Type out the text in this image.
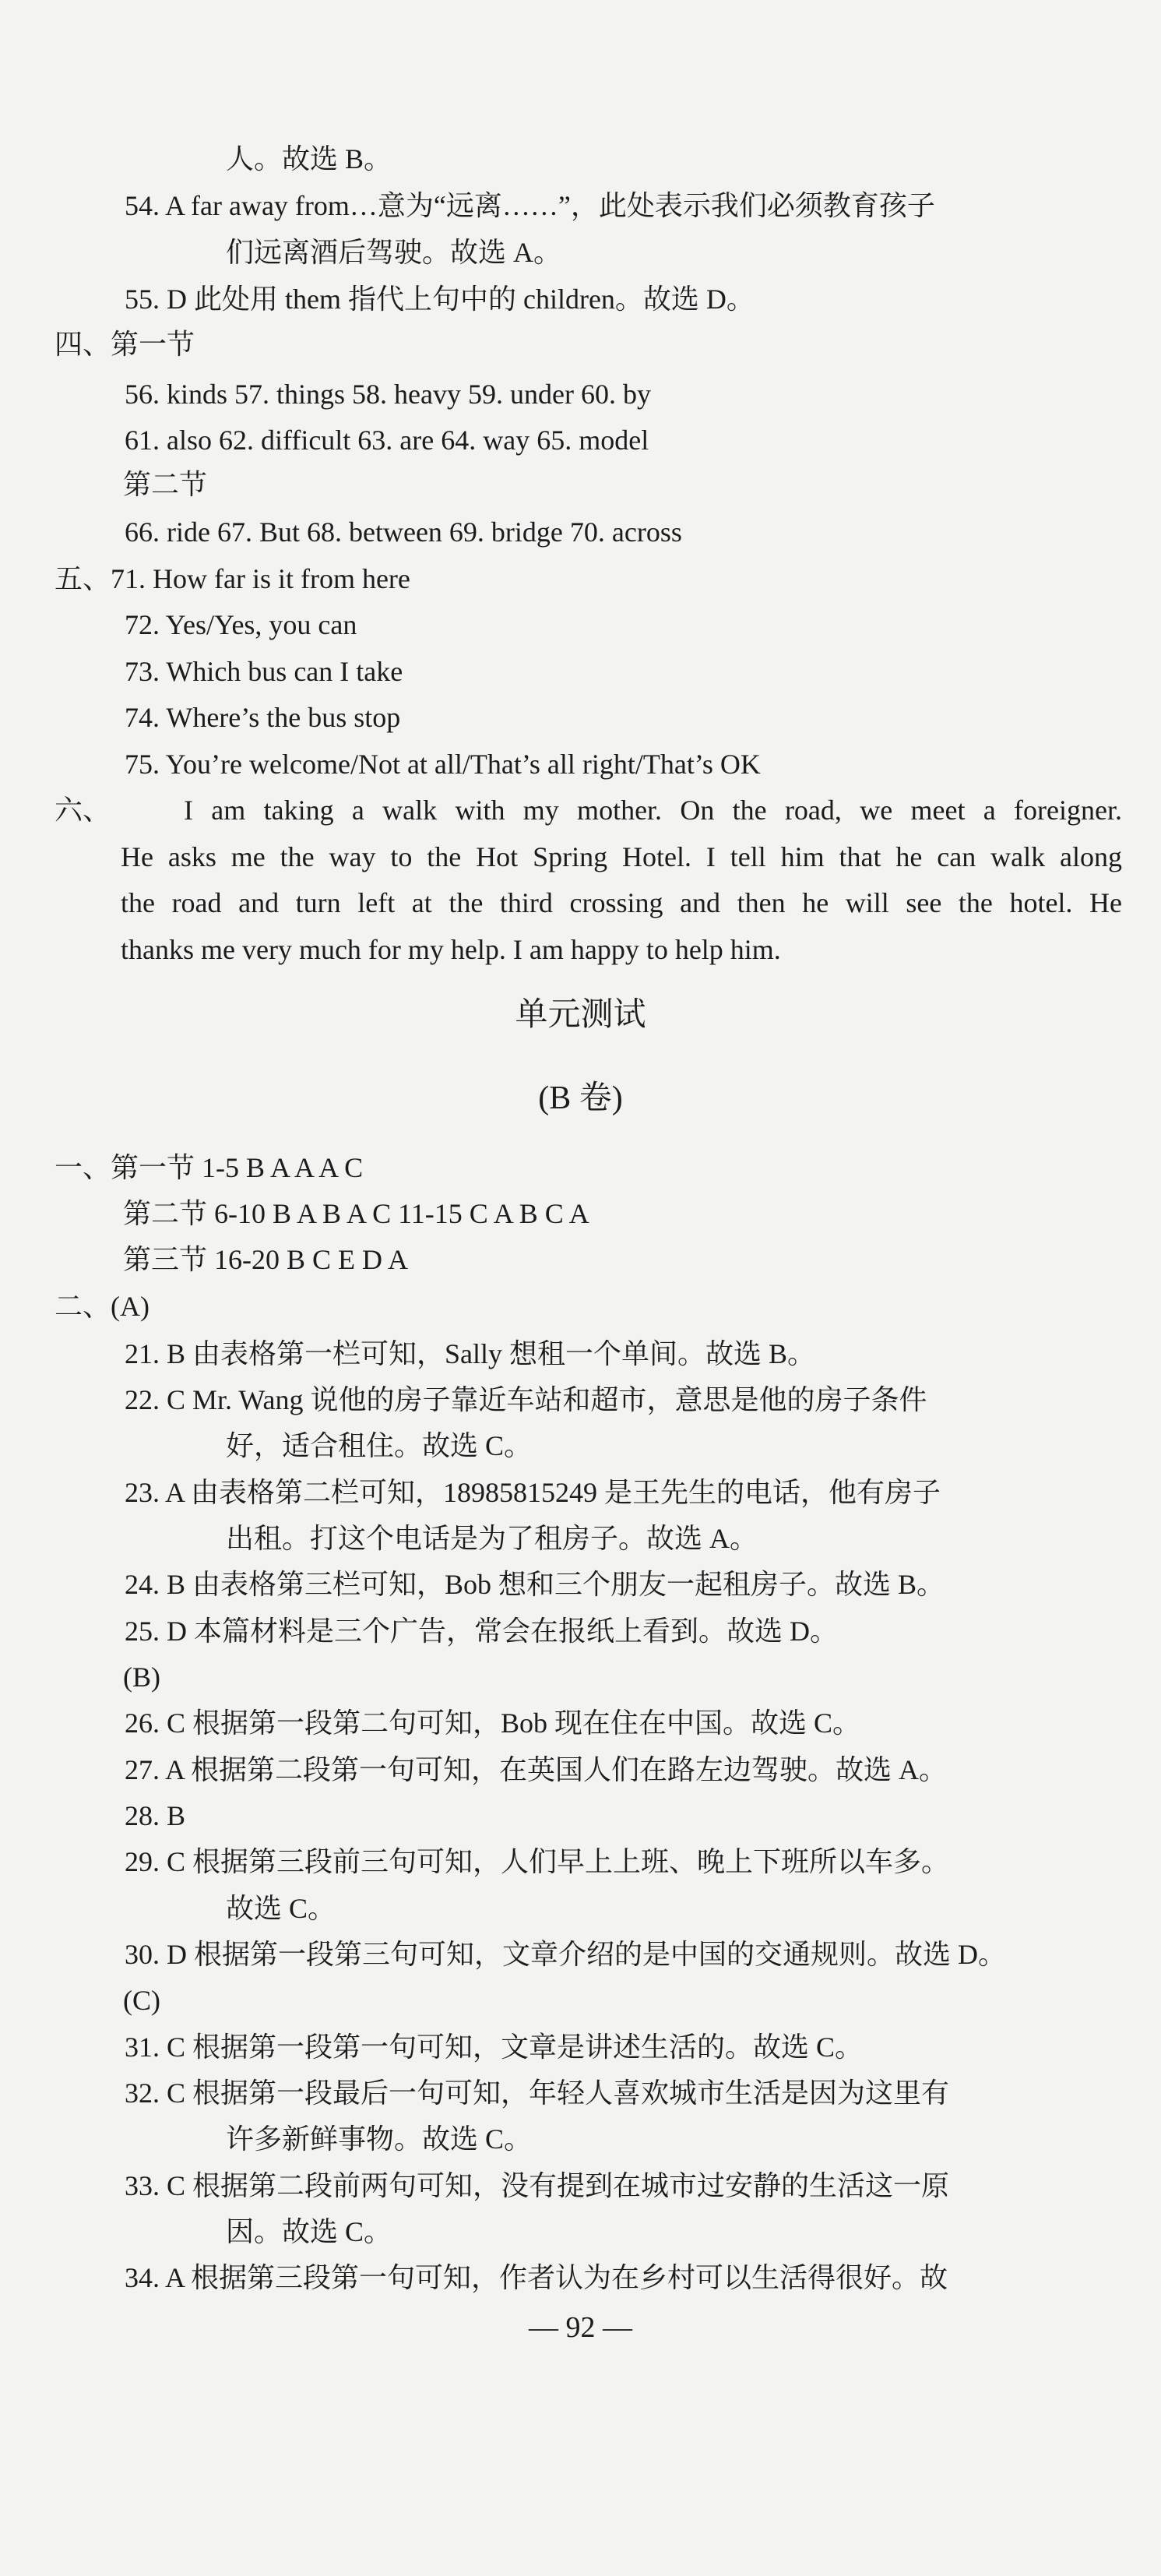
人。故选 B。
54. A far away from…意为“远离……”，此处表示我们必须教育孩子
们远离酒后驾驶。故选 A。
55. D 此处用 them 指代上句中的 children。故选 D。
四、第一节
56. kinds 57. things 58. heavy 59. under 60. by
61. also 62. difficult 63. are 64. way 65. model
第二节
66. ride 67. But 68. between 69. bridge 70. across
五、71. How far is it from here
72. Yes/Yes, you can
73. Which bus can I take
74. Where’s the bus stop
75. You’re welcome/Not at all/That’s all right/That’s OK
六、	I am taking a walk with my mother. On the road, we meet a foreigner.
He asks me the way to the Hot Spring Hotel. I tell him that he can walk along
the road and turn left at the third crossing and then he will see the hotel. He
thanks me very much for my help. I am happy to help him.
单元测试
(B 卷)
一、第一节 1-5 B A A A C
第二节 6-10 B A B A C 11-15 C A B C A
第三节 16-20 B C E D A
二、(A)
21. B 由表格第一栏可知，Sally 想租一个单间。故选 B。
22. C Mr. Wang 说他的房子靠近车站和超市，意思是他的房子条件
好，适合租住。故选 C。
23. A 由表格第二栏可知，18985815249 是王先生的电话，他有房子
出租。打这个电话是为了租房子。故选 A。
24. B 由表格第三栏可知，Bob 想和三个朋友一起租房子。故选 B。
25. D 本篇材料是三个广告，常会在报纸上看到。故选 D。
(B)
26. C 根据第一段第二句可知，Bob 现在住在中国。故选 C。
27. A 根据第二段第一句可知，在英国人们在路左边驾驶。故选 A。
28. B
29. C 根据第三段前三句可知，人们早上上班、晚上下班所以车多。
故选 C。
30. D 根据第一段第三句可知，文章介绍的是中国的交通规则。故选 D。
(C)
31. C 根据第一段第一句可知，文章是讲述生活的。故选 C。
32. C 根据第一段最后一句可知，年轻人喜欢城市生活是因为这里有
许多新鲜事物。故选 C。
33. C 根据第二段前两句可知，没有提到在城市过安静的生活这一原
因。故选 C。
34. A 根据第三段第一句可知，作者认为在乡村可以生活得很好。故
— 92 —
